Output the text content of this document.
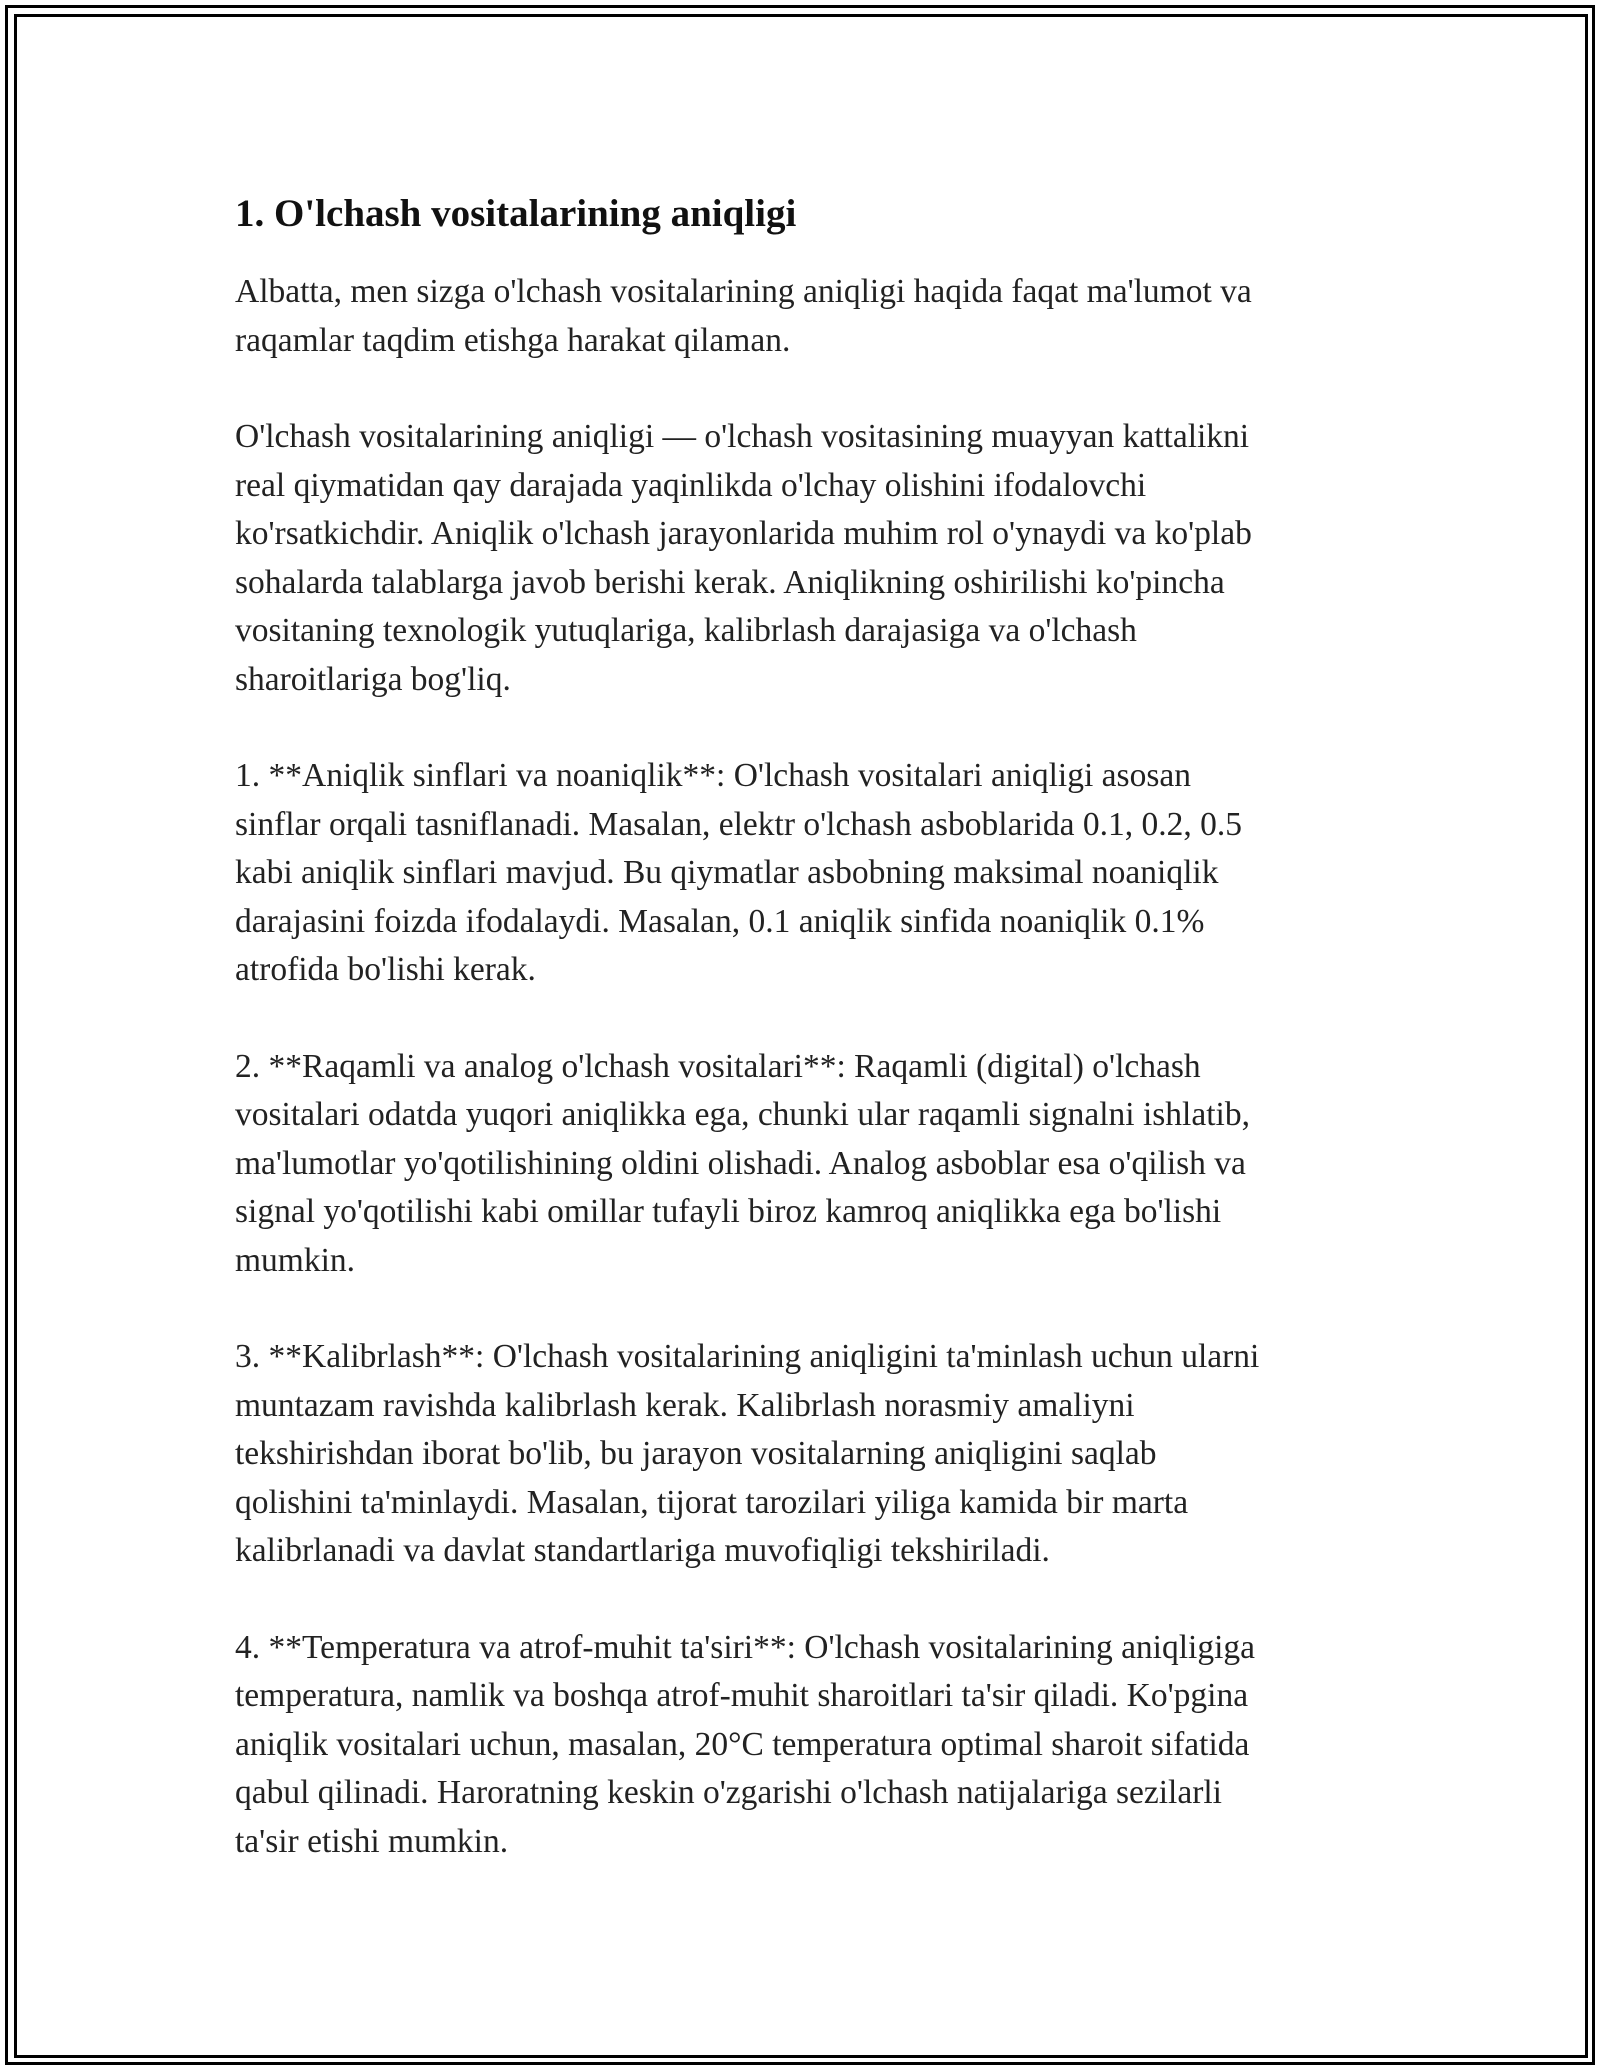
1. O'lchash vositalarining aniqligi

Albatta, men sizga o'lchash vositalarining aniqligi haqida faqat ma'lumot va
raqamlar taqdim etishga harakat qilaman.

O'lchash vositalarining aniqligi — o'lchash vositasining muayyan kattalikni
real qiymatidan qay darajada yaqinlikda o'lchay olishini ifodalovchi
ko'rsatkichdir. Aniqlik o'lchash jarayonlarida muhim rol o'ynaydi va ko'plab
sohalarda talablarga javob berishi kerak. Aniqlikning oshirilishi ko'pincha
vositaning texnologik yutuqlariga, kalibrlash darajasiga va o'lchash
sharoitlariga bog'liq.

1. **Aniqlik sinflari va noaniqlik**: O'lchash vositalari aniqligi asosan
sinflar orqali tasniflanadi. Masalan, elektr o'lchash asboblarida 0.1, 0.2, 0.5
kabi aniqlik sinflari mavjud. Bu qiymatlar asbobning maksimal noaniqlik
darajasini foizda ifodalaydi. Masalan, 0.1 aniqlik sinfida noaniqlik 0.1%
atrofida bo'lishi kerak.

2. **Raqamli va analog o'lchash vositalari**: Raqamli (digital) o'lchash
vositalari odatda yuqori aniqlikka ega, chunki ular raqamli signalni ishlatib,
ma'lumotlar yo'qotilishining oldini olishadi. Analog asboblar esa o'qilish va
signal yo'qotilishi kabi omillar tufayli biroz kamroq aniqlikka ega bo'lishi
mumkin.

3. **Kalibrlash**: O'lchash vositalarining aniqligini ta'minlash uchun ularni
muntazam ravishda kalibrlash kerak. Kalibrlash norasmiy amaliyni
tekshirishdan iborat bo'lib, bu jarayon vositalarning aniqligini saqlab
qolishini ta'minlaydi. Masalan, tijorat tarozilari yiliga kamida bir marta
kalibrlanadi va davlat standartlariga muvofiqligi tekshiriladi.

4. **Temperatura va atrof-muhit ta'siri**: O'lchash vositalarining aniqligiga
temperatura, namlik va boshqa atrof-muhit sharoitlari ta'sir qiladi. Ko'pgina
aniqlik vositalari uchun, masalan, 20°C temperatura optimal sharoit sifatida
qabul qilinadi. Haroratning keskin o'zgarishi o'lchash natijalariga sezilarli
ta'sir etishi mumkin.
